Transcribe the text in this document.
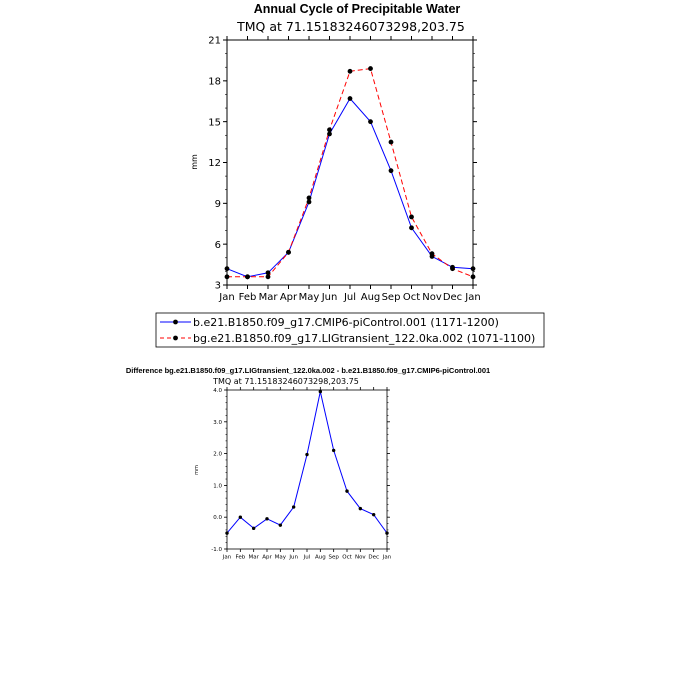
Annual Cycle of Precipitable Water
TMQ at 71.15183246073298,203.75
mm
3
6
9
12
15
18
21
Jan Feb Mar Apr May Jun Jul Aug Sep Oct Nov Dec Jan
b.e21.B1850.f09_g17.CMIP6-piControl.001 (1171-1200)
bg.e21.B1850.f09_g17.LIGtransient_122.0ka.002 (1071-1100)
Difference bg.e21.B1850.f09_g17.LIGtransient_122.0ka.002 - b.e21.B1850.f09_g17.CMIP6-piControl.001
TMQ at 71.15183246073298,203.75
mm
-1.0
0.0
1.0
2.0
3.0
4.0
Jan Feb Mar Apr May Jun Jul Aug Sep Oct Nov Dec Jan
